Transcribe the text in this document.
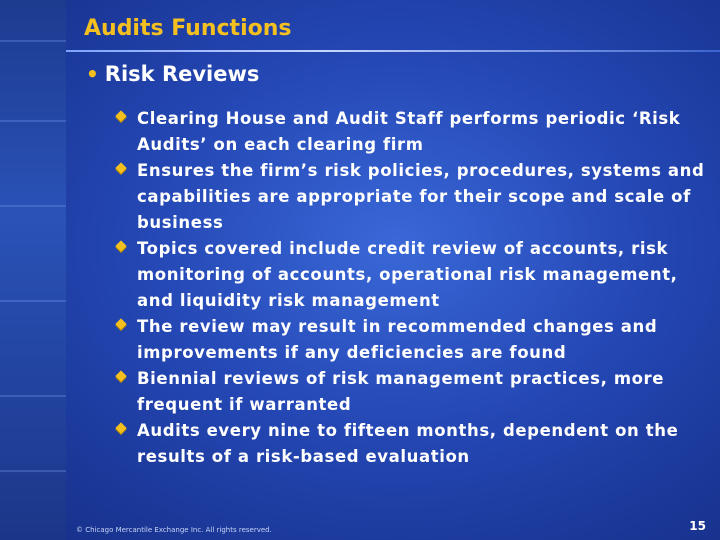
Audits Functions
• Risk Reviews
Clearing House and Audit Staff performs periodic ‘Risk Audits’ on each clearing firm
Ensures the firm’s risk policies, procedures, systems and capabilities are appropriate for their scope and scale of business
Topics covered include credit review of accounts, risk monitoring of accounts, operational risk management, and liquidity risk management
The review may result in recommended changes and improvements if any deficiencies are found
Biennial reviews of risk management practices, more frequent if warranted
Audits every nine to fifteen months, dependent on the results of a risk-based evaluation
© Chicago Mercantile Exchange Inc. All rights reserved.	15
